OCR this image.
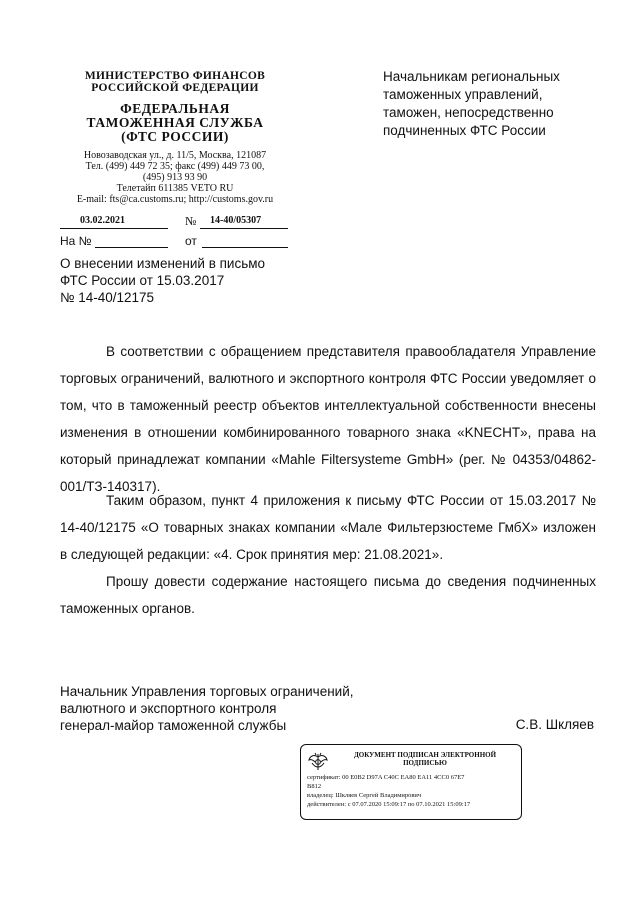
МИНИСТЕРСТВО ФИНАНСОВ
РОССИЙСКОЙ ФЕДЕРАЦИИ
ФЕДЕРАЛЬНАЯ
ТАМОЖЕННАЯ СЛУЖБА
(ФТС РОССИИ)
Новозаводская ул., д. 11/5, Москва, 121087
Тел. (499) 449 72 35; факс (499) 449 73 00,
(495) 913 93 90
Телетайп 611385 VETO RU
E-mail: fts@ca.customs.ru; http://customs.gov.ru
03.02.2021	№ 14-40/05307
На №	от
Начальникам региональных
таможенных управлений,
таможен, непосредственно
подчиненных ФТС России
О внесении изменений в письмо
ФТС России от 15.03.2017
№ 14-40/12175
В соответствии с обращением представителя правообладателя Управление торговых ограничений, валютного и экспортного контроля ФТС России уведомляет о том, что в таможенный реестр объектов интеллектуальной собственности внесены изменения в отношении комбинированного товарного знака «KNECHT», права на который принадлежат компании «Mahle Filtersysteme GmbH» (рег. № 04353/04862-001/ТЗ-140317).
Таким образом, пункт 4 приложения к письму ФТС России от 15.03.2017 № 14-40/12175 «О товарных знаках компании «Мале Фильтерзюстеме ГмбХ» изложен в следующей редакции: «4. Срок принятия мер: 21.08.2021».
Прошу довести содержание настоящего письма до сведения подчиненных таможенных органов.
Начальник Управления торговых ограничений,
валютного и экспортного контроля
генерал-майор таможенной службы	С.В. Шкляев
ДОКУМЕНТ ПОДПИСАН ЭЛЕКТРОННОЙ
ПОДПИСЬЮ
сертификат: 00 E0B2 D97A C40C EA80 EA11 4CC0 67E7
B812
владелец: Шкляев Сергей Владимирович
действителен: с 07.07.2020 15:09:17 по 07.10.2021 15:09:17
